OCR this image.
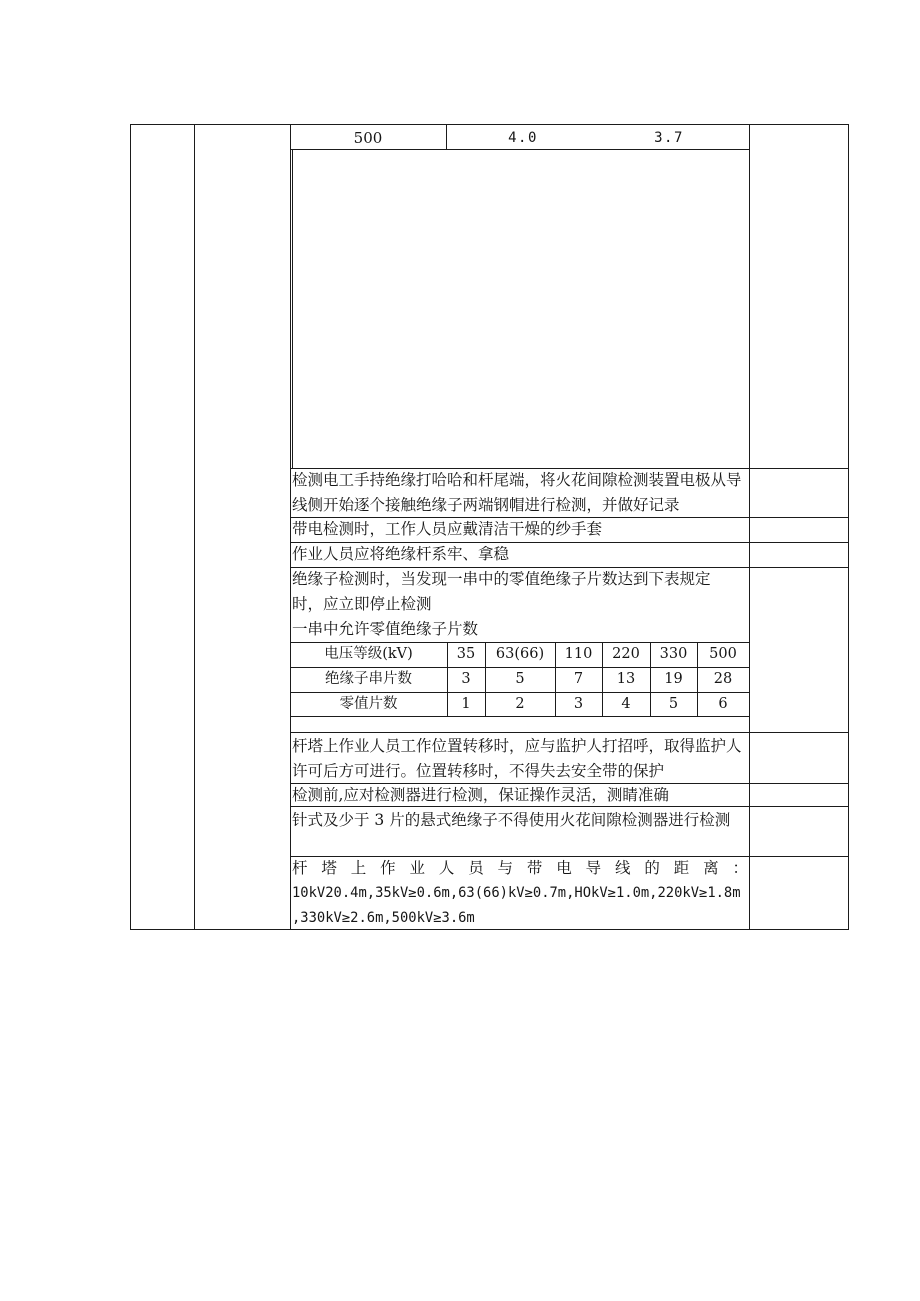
500	4.0	3.7
检测电工手持绝缘打哈哈和杆尾端，将火花间隙检测装置电极从导
线侧开始逐个接触绝缘子两端钢帽进行检测，并做好记录
带电检测时，工作人员应戴清洁干燥的纱手套
作业人员应将绝缘杆系牢、拿稳
绝缘子检测时，当发现一串中的零值绝缘子片数达到下表规定
时，应立即停止检测
一串中允许零值绝缘子片数
电压等级(kV)	35	63(66)	110	220	330	500
绝缘子串片数	3	5	7	13	19	28
零值片数	1	2	3	4	5	6
杆塔上作业人员工作位置转移时，应与监护人打招呼，取得监护人
许可后方可进行。位置转移时，不得失去安全带的保护
检测前,应对检测器进行检测，保证操作灵活，测睛准确
针式及少于 3 片的悬式绝缘子不得使用火花间隙检测器进行检测
杆塔上作业人员与带电导线的距离：
10kV20.4m,35kV≥0.6m,63(66)kV≥0.7m,HOkV≥1.0m,220kV≥1.8m
,330kV≥2.6m,500kV≥3.6m
